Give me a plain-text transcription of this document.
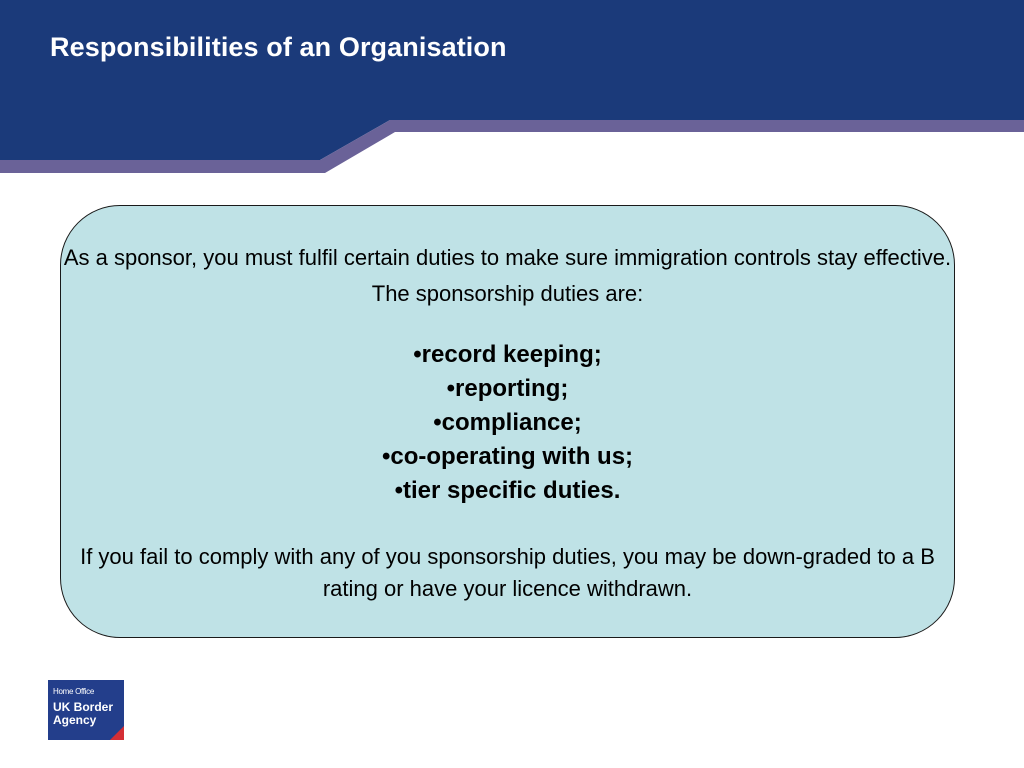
Responsibilities of an Organisation

As a sponsor, you must fulfil certain duties to make sure immigration controls stay effective. The sponsorship duties are:

•record keeping;
•reporting;
•compliance;
•co-operating with us;
•tier specific duties.

If you fail to comply with any of you sponsorship duties, you may be down-graded to a B rating or have your licence withdrawn.

Home Office
UK Border
Agency
